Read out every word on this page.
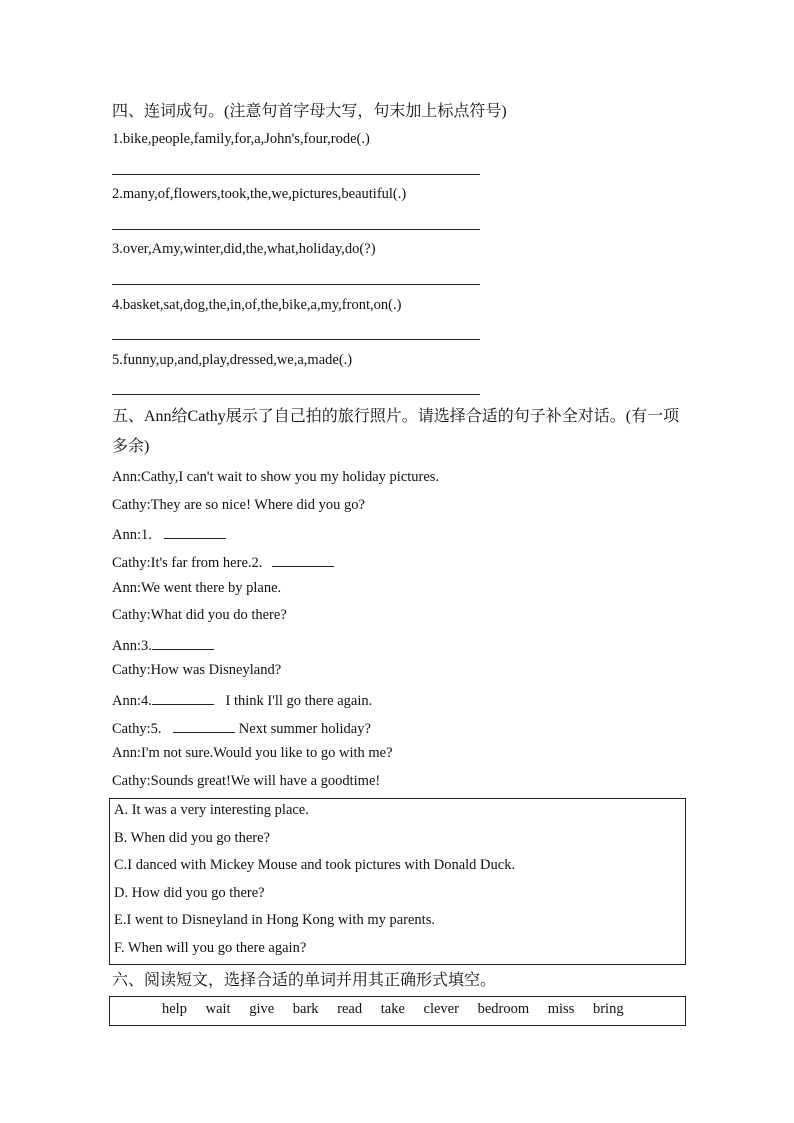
四、连词成句。(注意句首字母大写，句末加上标点符号)
1.bike,people,family,for,a,John's,four,rode(.)
2.many,of,flowers,took,the,we,pictures,beautiful(.)
3.over,Amy,winter,did,the,what,holiday,do(?)
4.basket,sat,dog,the,in,of,the,bike,a,my,front,on(.)
5.funny,up,and,play,dressed,we,a,made(.)
五、Ann给Cathy展示了自己拍的旅行照片。请选择合适的句子补全对话。(有一项多余)
Ann:Cathy,I can't wait to show you my holiday pictures.
Cathy:They are so nice! Where did you go?
Ann:1.
Cathy:It's far from here.2.
Ann:We went there by plane.
Cathy:What did you do there?
Ann:3.
Cathy:How was Disneyland?
Ann:4.	I think I'll go there again.
Cathy:5.	Next summer holiday?
Ann:I'm not sure.Would you like to go with me?
Cathy:Sounds great!We will have a goodtime!
A. It was a very interesting place.
B. When did you go there?
C.I danced with Mickey Mouse and took pictures with Donald Duck.
D. How did you go there?
E.I went to Disneyland in Hong Kong with my parents.
F. When will you go there again?
六、阅读短文，选择合适的单词并用其正确形式填空。
help wait give bark read take clever bedroom miss bring
